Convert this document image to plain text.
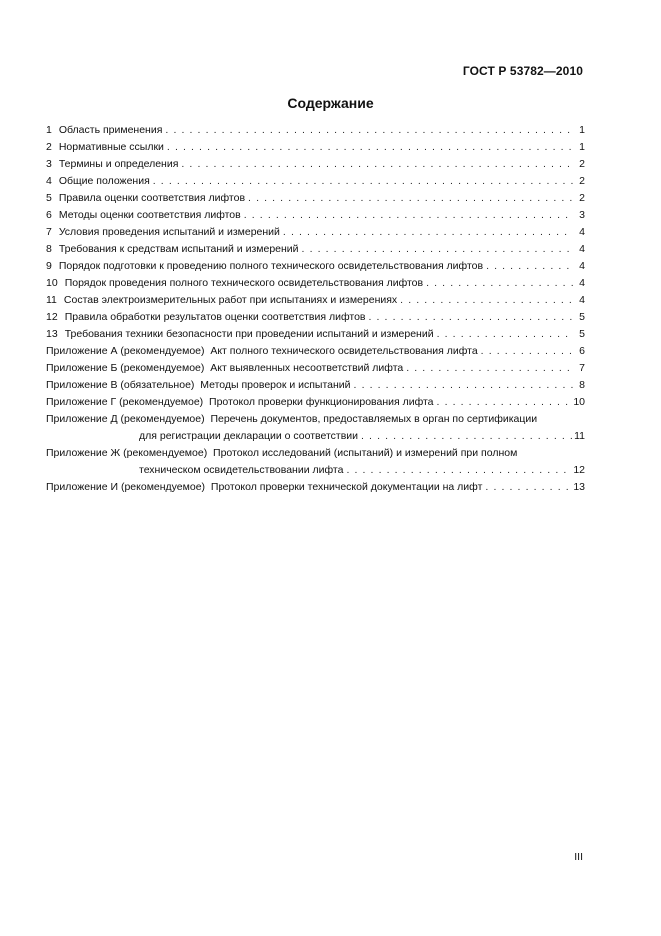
ГОСТ Р 53782—2010
Содержание
1 Область применения . . .	1
2 Нормативные ссылки . . .	1
3 Термины и определения . . .	2
4 Общие положения . . .	2
5 Правила оценки соответствия лифтов . . .	2
6 Методы оценки соответствия лифтов . . .	3
7 Условия проведения испытаний и измерений . . .	4
8 Требования к средствам испытаний и измерений . . .	4
9 Порядок подготовки к проведению полного технического освидетельствования лифтов . . .	4
10 Порядок проведения полного технического освидетельствования лифтов . . .	4
11 Состав электроизмерительных работ при испытаниях и измерениях . . .	4
12 Правила обработки результатов оценки соответствия лифтов . . .	5
13 Требования техники безопасности при проведении испытаний и измерений . . .	5
Приложение А (рекомендуемое) Акт полного технического освидетельствования лифта . . .	6
Приложение Б (рекомендуемое) Акт выявленных несоответствий лифта . . .	7
Приложение В (обязательное) Методы проверок и испытаний . . .	8
Приложение Г (рекомендуемое) Протокол проверки функционирования лифта . . .	10
Приложение Д (рекомендуемое) Перечень документов, предоставляемых в орган по сертификации
для регистрации декларации о соответствии . . .	11
Приложение Ж (рекомендуемое) Протокол исследований (испытаний) и измерений при полном
техническом освидетельствовании лифта . . .	12
Приложение И (рекомендуемое) Протокол проверки технической документации на лифт . . .	13
III
